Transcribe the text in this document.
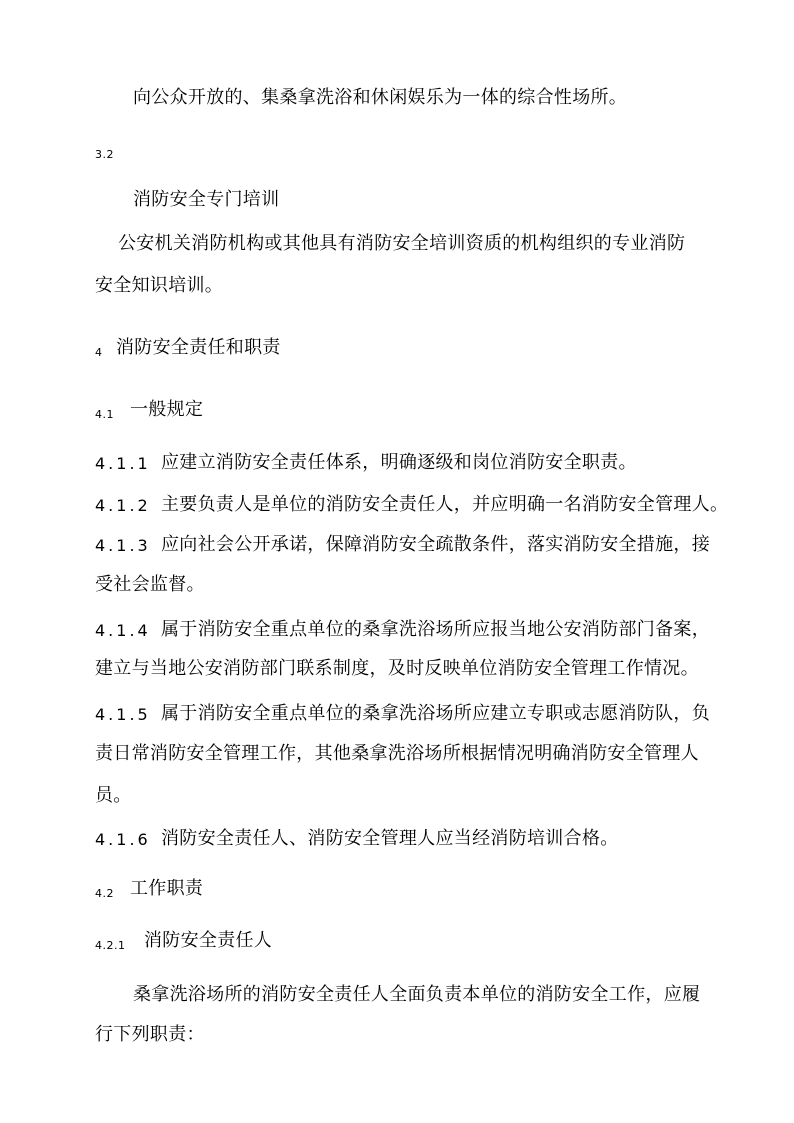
向公众开放的、集桑拿洗浴和休闲娱乐为一体的综合性场所。
3.2
消防安全专门培训
公安机关消防机构或其他具有消防安全培训资质的机构组织的专业消防
安全知识培训。
4 消防安全责任和职责
4.1 一般规定
4.1.1 应建立消防安全责任体系，明确逐级和岗位消防安全职责。
4.1.2 主要负责人是单位的消防安全责任人，并应明确一名消防安全管理人。
4.1.3 应向社会公开承诺，保障消防安全疏散条件，落实消防安全措施，接
受社会监督。
4.1.4 属于消防安全重点单位的桑拿洗浴场所应报当地公安消防部门备案，
建立与当地公安消防部门联系制度，及时反映单位消防安全管理工作情况。
4.1.5 属于消防安全重点单位的桑拿洗浴场所应建立专职或志愿消防队，负
责日常消防安全管理工作，其他桑拿洗浴场所根据情况明确消防安全管理人
员。
4.1.6 消防安全责任人、消防安全管理人应当经消防培训合格。
4.2 工作职责
4.2.1 消防安全责任人
桑拿洗浴场所的消防安全责任人全面负责本单位的消防安全工作，应履
行下列职责：
